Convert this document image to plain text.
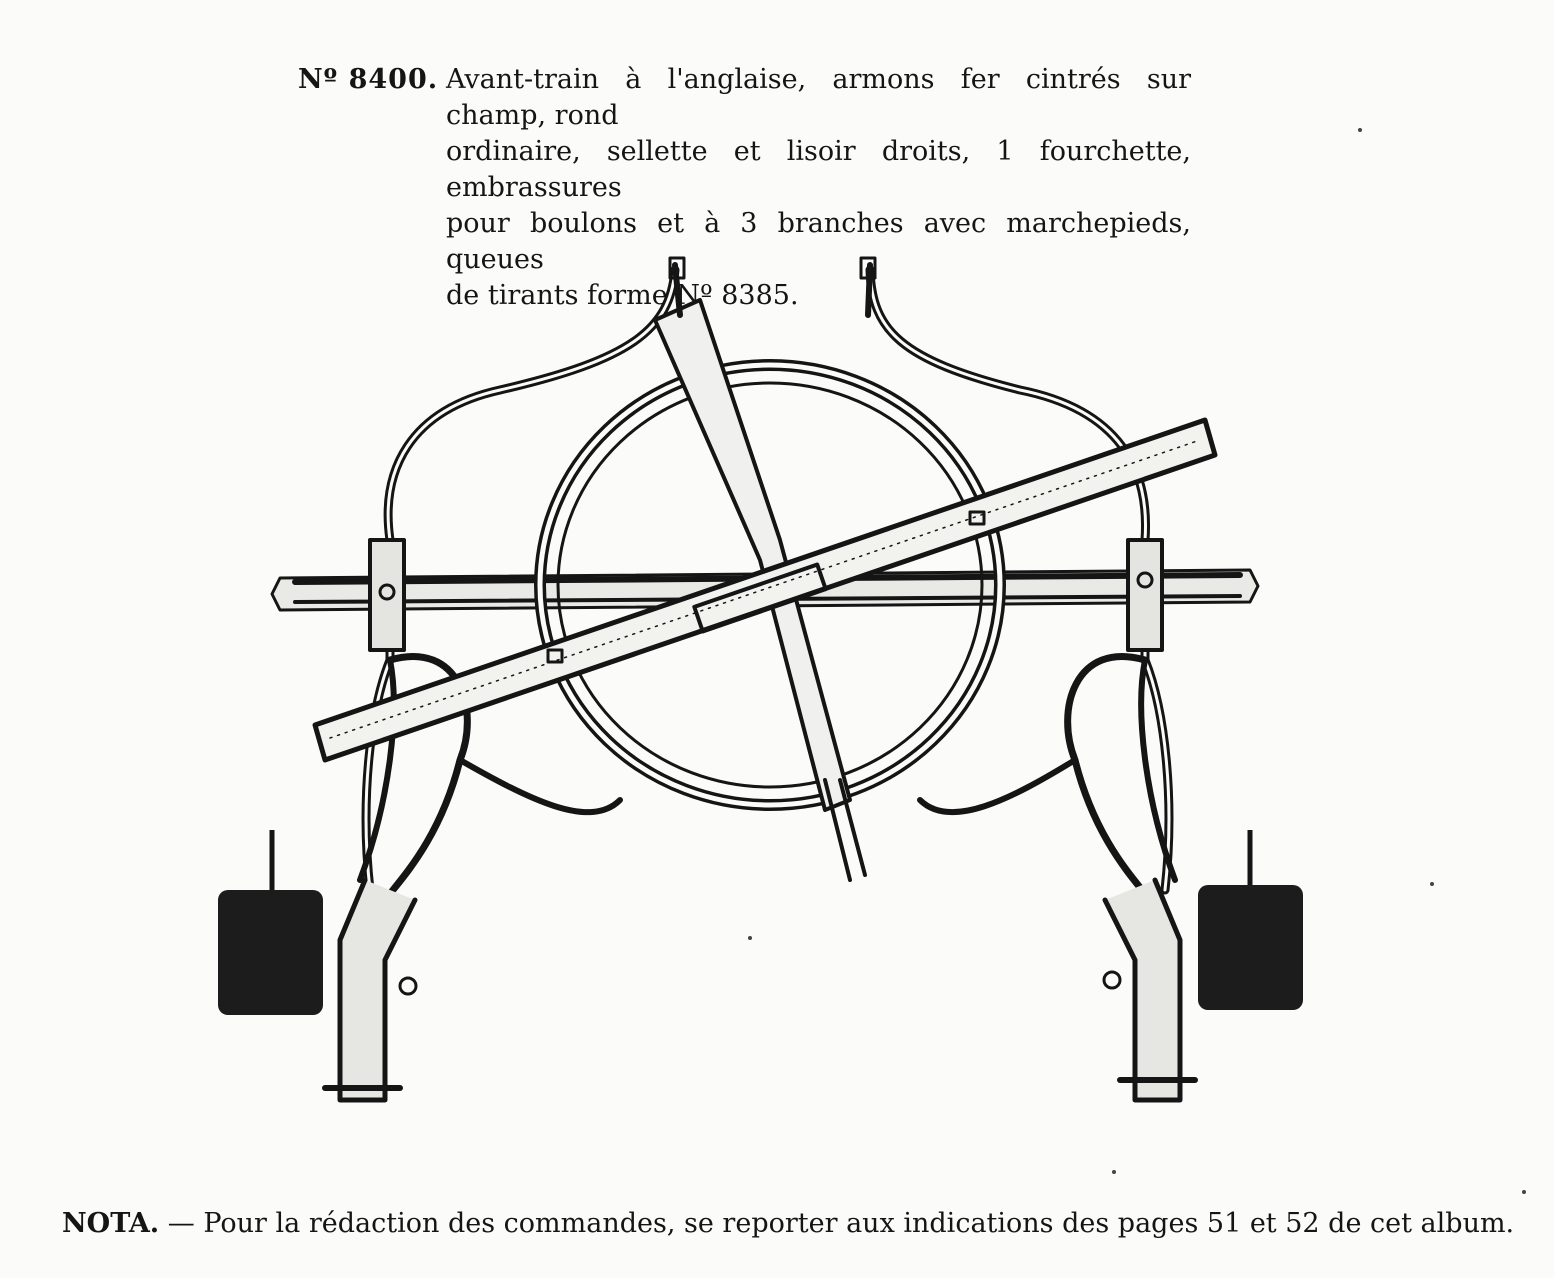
Nº 8400. Avant-train à l'anglaise, armons fer cintrés sur champ, rond
ordinaire, sellette et lisoir droits, 1 fourchette, embrassures
pour boulons et à 3 branches avec marchepieds, queues
de tirants forme Nº 8385.
NOTA. — Pour la rédaction des commandes, se reporter aux indications des pages 51 et 52 de cet album.
